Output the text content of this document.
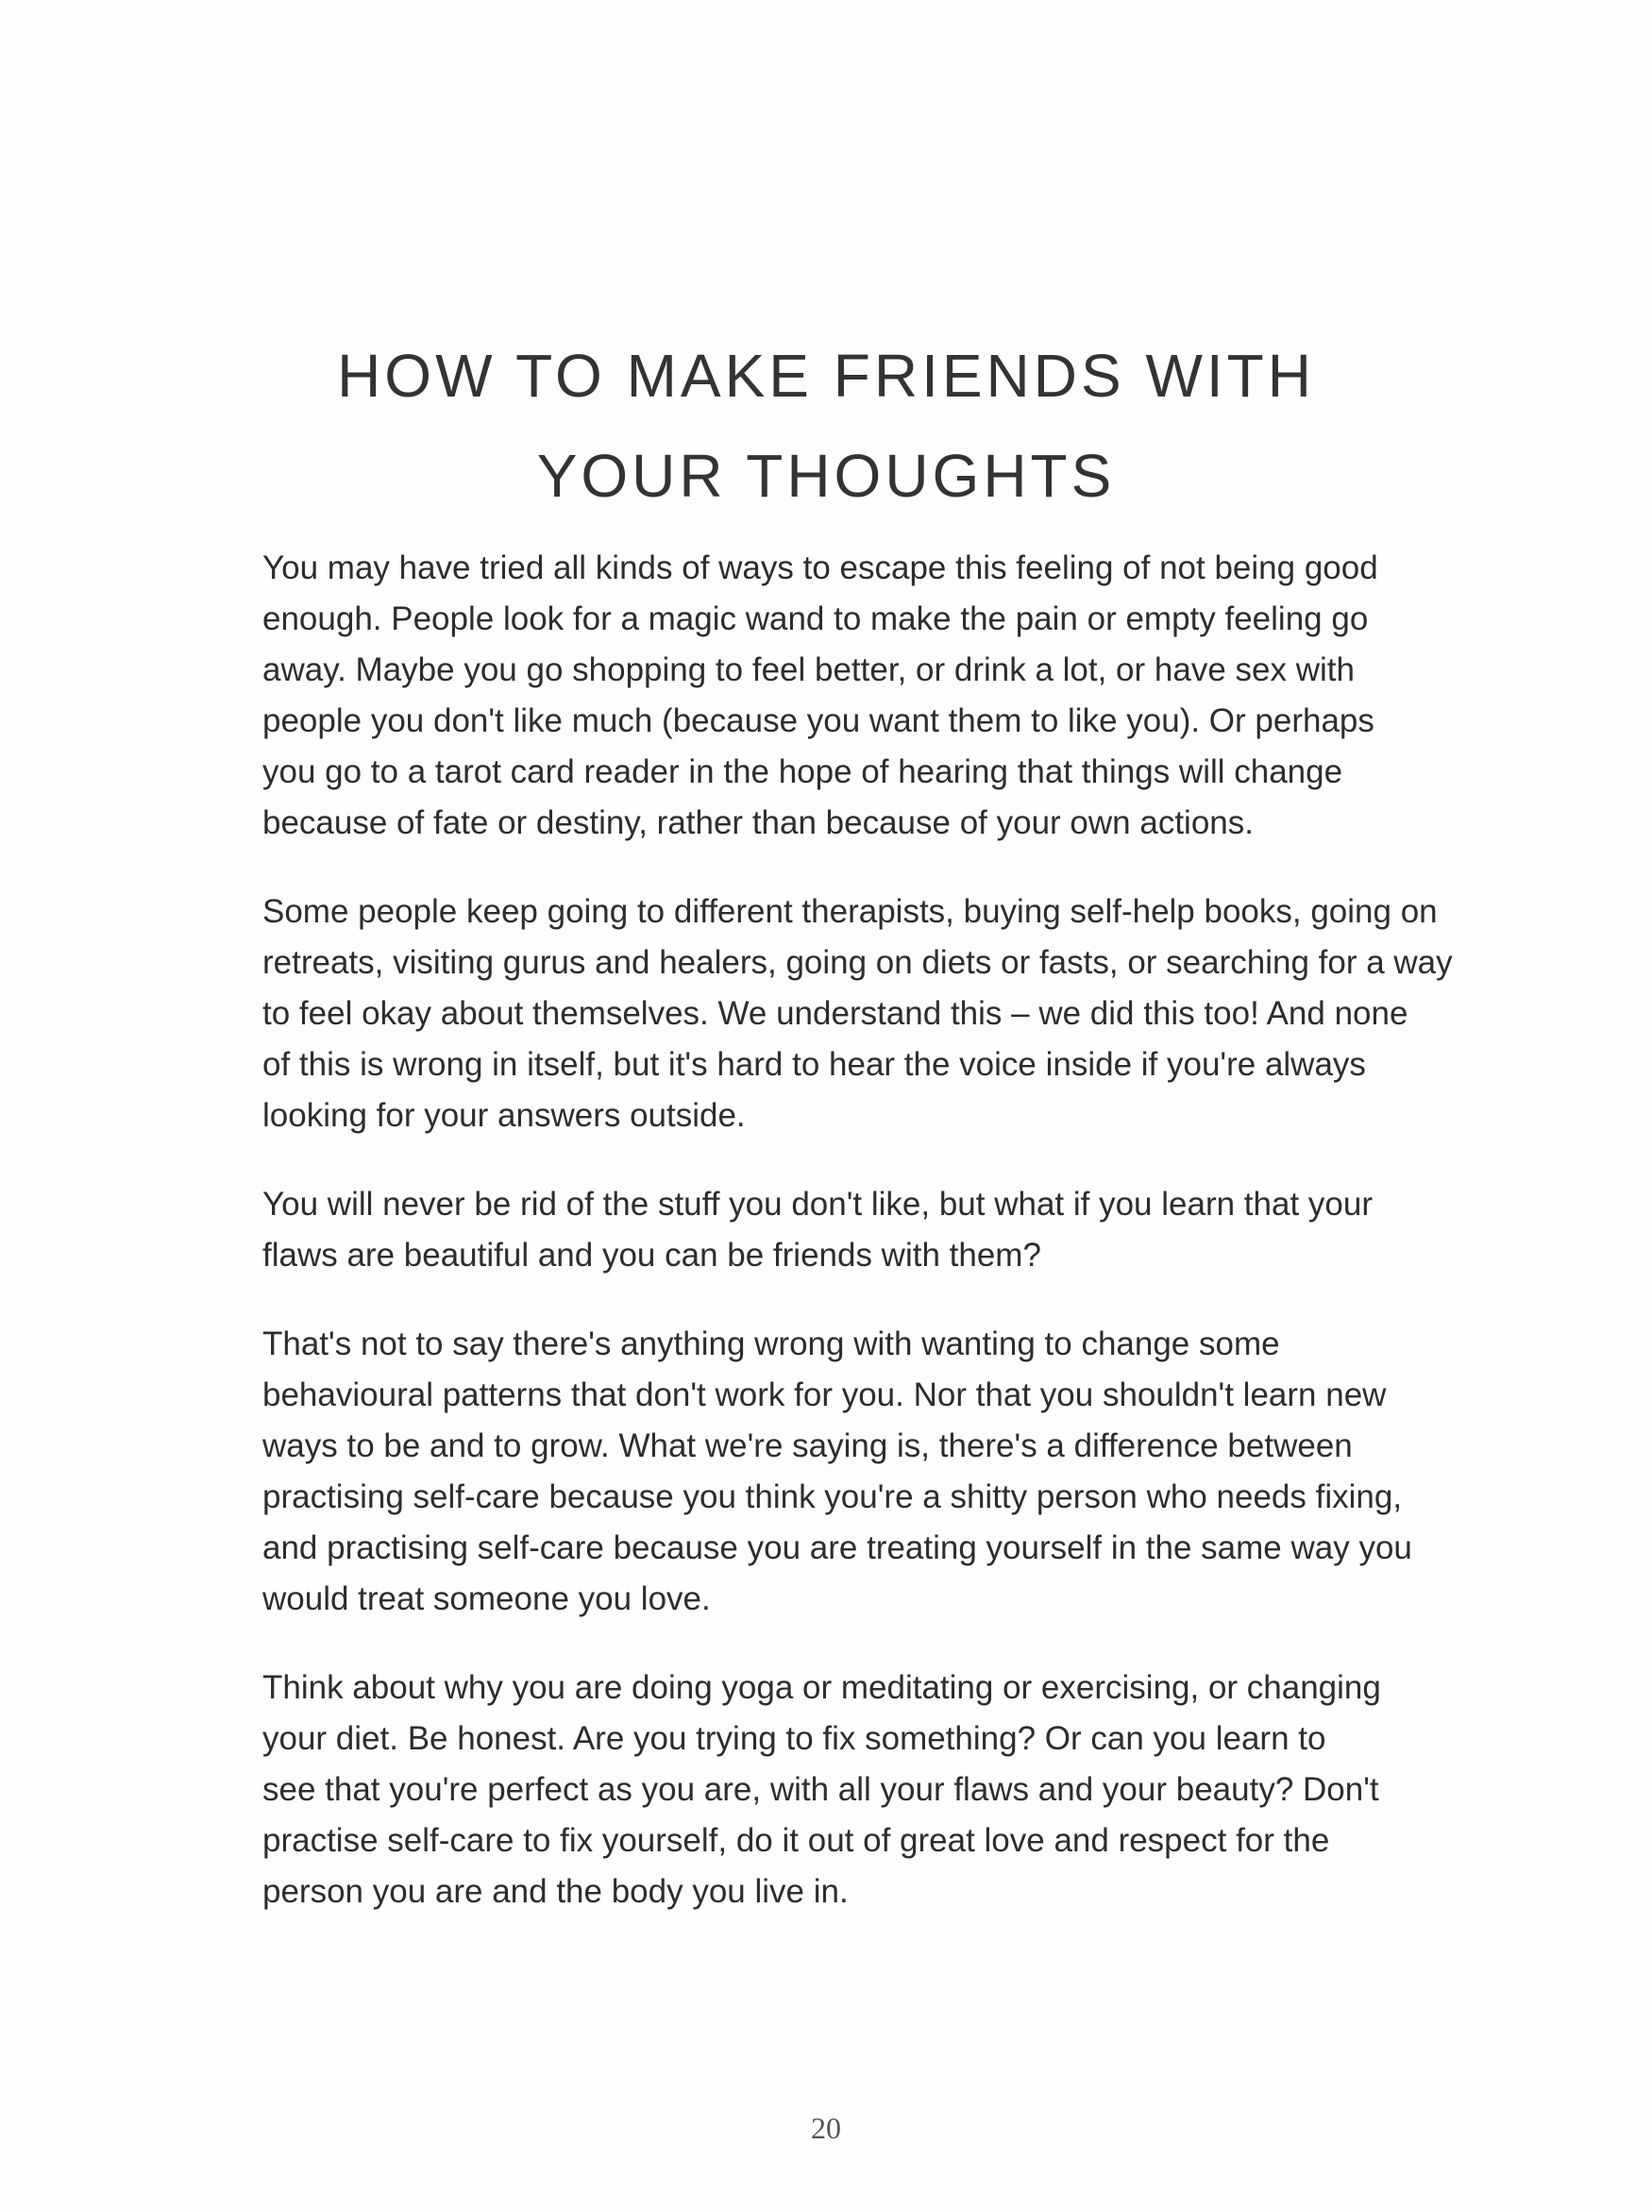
HOW TO MAKE FRIENDS WITH
YOUR THOUGHTS

You may have tried all kinds of ways to escape this feeling of not being good
enough. People look for a magic wand to make the pain or empty feeling go
away. Maybe you go shopping to feel better, or drink a lot, or have sex with
people you don't like much (because you want them to like you). Or perhaps
you go to a tarot card reader in the hope of hearing that things will change
because of fate or destiny, rather than because of your own actions.

Some people keep going to different therapists, buying self-help books, going on
retreats, visiting gurus and healers, going on diets or fasts, or searching for a way
to feel okay about themselves. We understand this – we did this too! And none
of this is wrong in itself, but it's hard to hear the voice inside if you're always
looking for your answers outside.

You will never be rid of the stuff you don't like, but what if you learn that your
flaws are beautiful and you can be friends with them?

That's not to say there's anything wrong with wanting to change some
behavioural patterns that don't work for you. Nor that you shouldn't learn new
ways to be and to grow. What we're saying is, there's a difference between
practising self-care because you think you're a shitty person who needs fixing,
and practising self-care because you are treating yourself in the same way you
would treat someone you love.

Think about why you are doing yoga or meditating or exercising, or changing
your diet. Be honest. Are you trying to fix something? Or can you learn to
see that you're perfect as you are, with all your flaws and your beauty? Don't
practise self-care to fix yourself, do it out of great love and respect for the
person you are and the body you live in.

20
